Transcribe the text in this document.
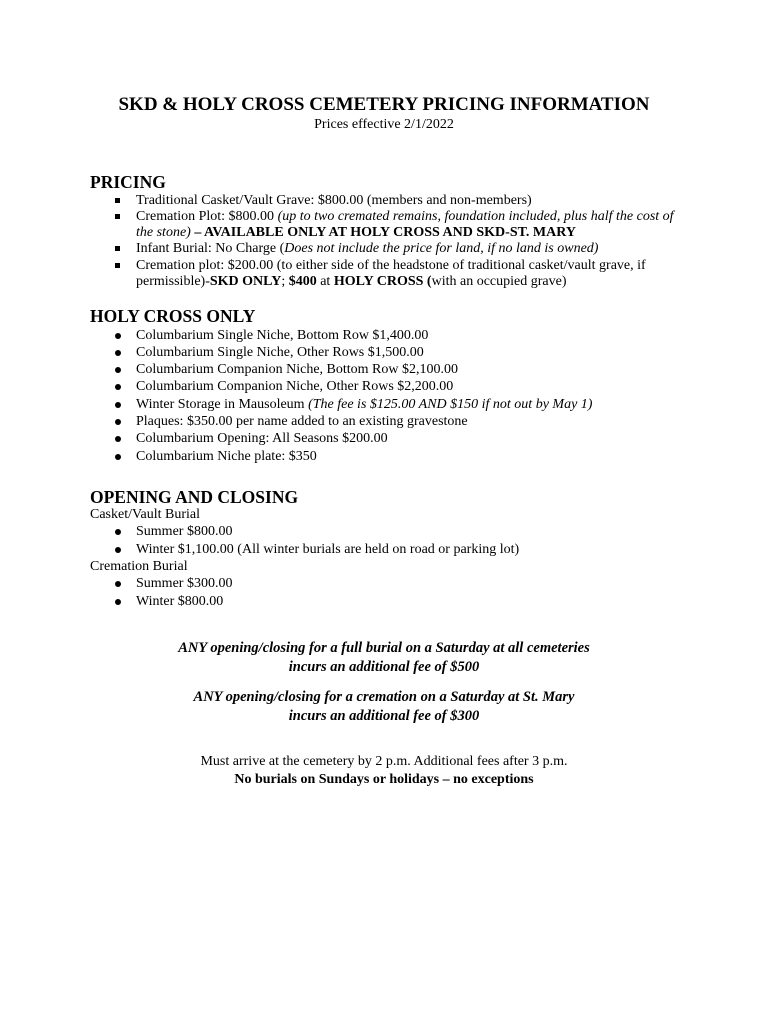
SKD & HOLY CROSS CEMETERY PRICING INFORMATION
Prices effective 2/1/2022
PRICING
Traditional Casket/Vault Grave: $800.00 (members and non-members)
Cremation Plot: $800.00 (up to two cremated remains, foundation included, plus half the cost of
the stone) – AVAILABLE ONLY AT HOLY CROSS AND SKD-ST. MARY
Infant Burial: No Charge (Does not include the price for land, if no land is owned)
Cremation plot: $200.00 (to either side of the headstone of traditional casket/vault grave, if
permissible)-SKD ONLY; $400 at HOLY CROSS (with an occupied grave)
HOLY CROSS ONLY
Columbarium Single Niche, Bottom Row $1,400.00
Columbarium Single Niche, Other Rows $1,500.00
Columbarium Companion Niche, Bottom Row $2,100.00
Columbarium Companion Niche, Other Rows $2,200.00
Winter Storage in Mausoleum (The fee is $125.00 AND $150 if not out by May 1)
Plaques: $350.00 per name added to an existing gravestone
Columbarium Opening: All Seasons $200.00
Columbarium Niche plate: $350
OPENING AND CLOSING
Casket/Vault Burial
Summer $800.00
Winter $1,100.00 (All winter burials are held on road or parking lot)
Cremation Burial
Summer $300.00
Winter $800.00
ANY opening/closing for a full burial on a Saturday at all cemeteries
incurs an additional fee of $500
ANY opening/closing for a cremation on a Saturday at St. Mary
incurs an additional fee of $300
Must arrive at the cemetery by 2 p.m. Additional fees after 3 p.m.
No burials on Sundays or holidays – no exceptions
